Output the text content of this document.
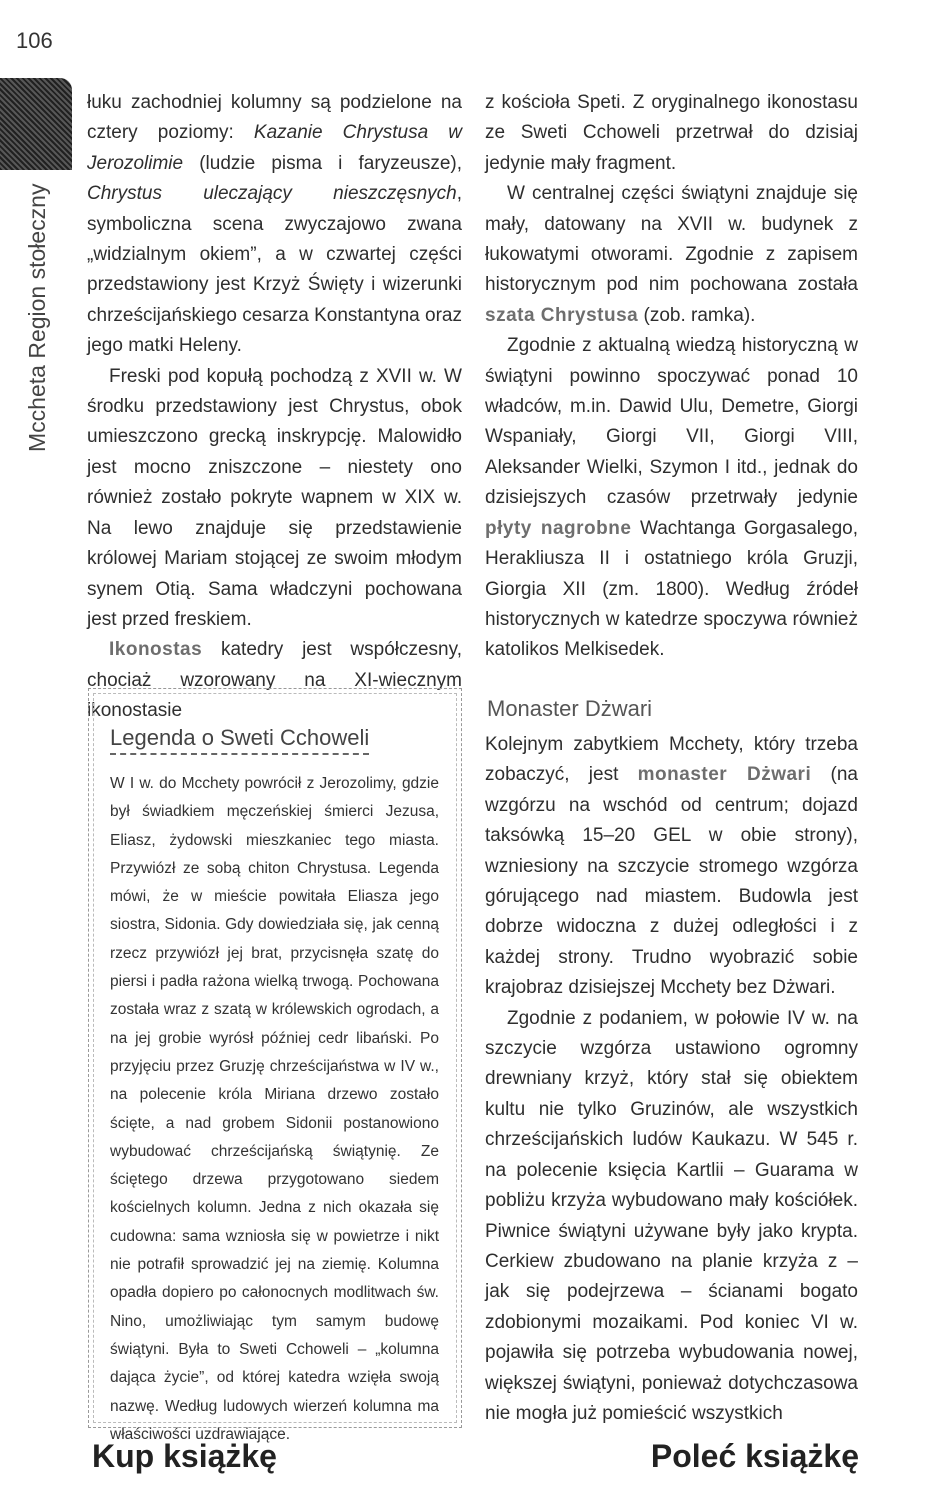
106
Mccheta Region stołeczny

łuku zachodniej kolumny są podzielone na cztery poziomy: Kazanie Chrystusa w Jerozolimie (ludzie pisma i faryzeusze), Chrystus uleczający nieszczęsnych, symboliczna scena zwyczajowo zwana „widzialnym okiem”, a w czwartej części przedstawiony jest Krzyż Święty i wizerunki chrześcijańskiego cesarza Konstantyna oraz jego matki Heleny.

Freski pod kopułą pochodzą z XVII w. W środku przedstawiony jest Chrystus, obok umieszczono grecką inskrypcję. Malowidło jest mocno zniszczone – niestety ono również zostało pokryte wapnem w XIX w. Na lewo znajduje się przedstawienie królowej Mariam stojącej ze swoim młodym synem Otią. Sama władczyni pochowana jest przed freskiem.

Ikonostas katedry jest współczesny, chociaż wzorowany na XI-wiecznym ikonostasie

z kościoła Speti. Z oryginalnego ikonostasu ze Sweti Cchoweli przetrwał do dzisiaj jedynie mały fragment.

W centralnej części świątyni znajduje się mały, datowany na XVII w. budynek z łukowatymi otworami. Zgodnie z zapisem historycznym pod nim pochowana została szata Chrystusa (zob. ramka).

Zgodnie z aktualną wiedzą historyczną w świątyni powinno spoczywać ponad 10 władców, m.in. Dawid Ulu, Demetre, Giorgi Wspaniały, Giorgi VII, Giorgi VIII, Aleksander Wielki, Szymon I itd., jednak do dzisiejszych czasów przetrwały jedynie płyty nagrobne Wachtanga Gorgasalego, Herakliusza II i ostatniego króla Gruzji, Giorgia XII (zm. 1800). Według źródeł historycznych w katedrze spoczywa również katolikos Melkisedek.

Monaster Dżwari

Kolejnym zabytkiem Mcchety, który trzeba zobaczyć, jest monaster Dżwari (na wzgórzu na wschód od centrum; dojazd taksówką 15–20 GEL w obie strony), wzniesiony na szczycie stromego wzgórza górującego nad miastem. Budowla jest dobrze widoczna z dużej odległości i z każdej strony. Trudno wyobrazić sobie krajobraz dzisiejszej Mcchety bez Dżwari.

Zgodnie z podaniem, w połowie IV w. na szczycie wzgórza ustawiono ogromny drewniany krzyż, który stał się obiektem kultu nie tylko Gruzinów, ale wszystkich chrześcijańskich ludów Kaukazu. W 545 r. na polecenie księcia Kartlii – Guarama w pobliżu krzyża wybudowano mały kościółek. Piwnice świątyni używane były jako krypta. Cerkiew zbudowano na planie krzyża z – jak się podejrzewa – ścianami bogato zdobionymi mozaikami. Pod koniec VI w. pojawiła się potrzeba wybudowania nowej, większej świątyni, ponieważ dotychczasowa nie mogła już pomieścić wszystkich

Legenda o Sweti Cchoweli

W I w. do Mcchety powrócił z Jerozolimy, gdzie był świadkiem męczeńskiej śmierci Jezusa, Eliasz, żydowski mieszkaniec tego miasta. Przywiózł ze sobą chiton Chrystusa. Legenda mówi, że w mieście powitała Eliasza jego siostra, Sidonia. Gdy dowiedziała się, jak cenną rzecz przywiózł jej brat, przycisnęła szatę do piersi i padła rażona wielką trwogą. Pochowana została wraz z szatą w królewskich ogrodach, a na jej grobie wyrósł później cedr libański. Po przyjęciu przez Gruzję chrześcijaństwa w IV w., na polecenie króla Miriana drzewo zostało ścięte, a nad grobem Sidonii postanowiono wybudować chrześcijańską świątynię. Ze ściętego drzewa przygotowano siedem kościelnych kolumn. Jedna z nich okazała się cudowna: sama wzniosła się w powietrze i nikt nie potrafił sprowadzić jej na ziemię. Kolumna opadła dopiero po całonocnych modlitwach św. Nino, umożliwiając tym samym budowę świątyni. Była to Sweti Cchoweli – „kolumna dająca życie”, od której katedra wzięła swoją nazwę. Według ludowych wierzeń kolumna ma właściwości uzdrawiające.

Kup książkę	Poleć książkę
